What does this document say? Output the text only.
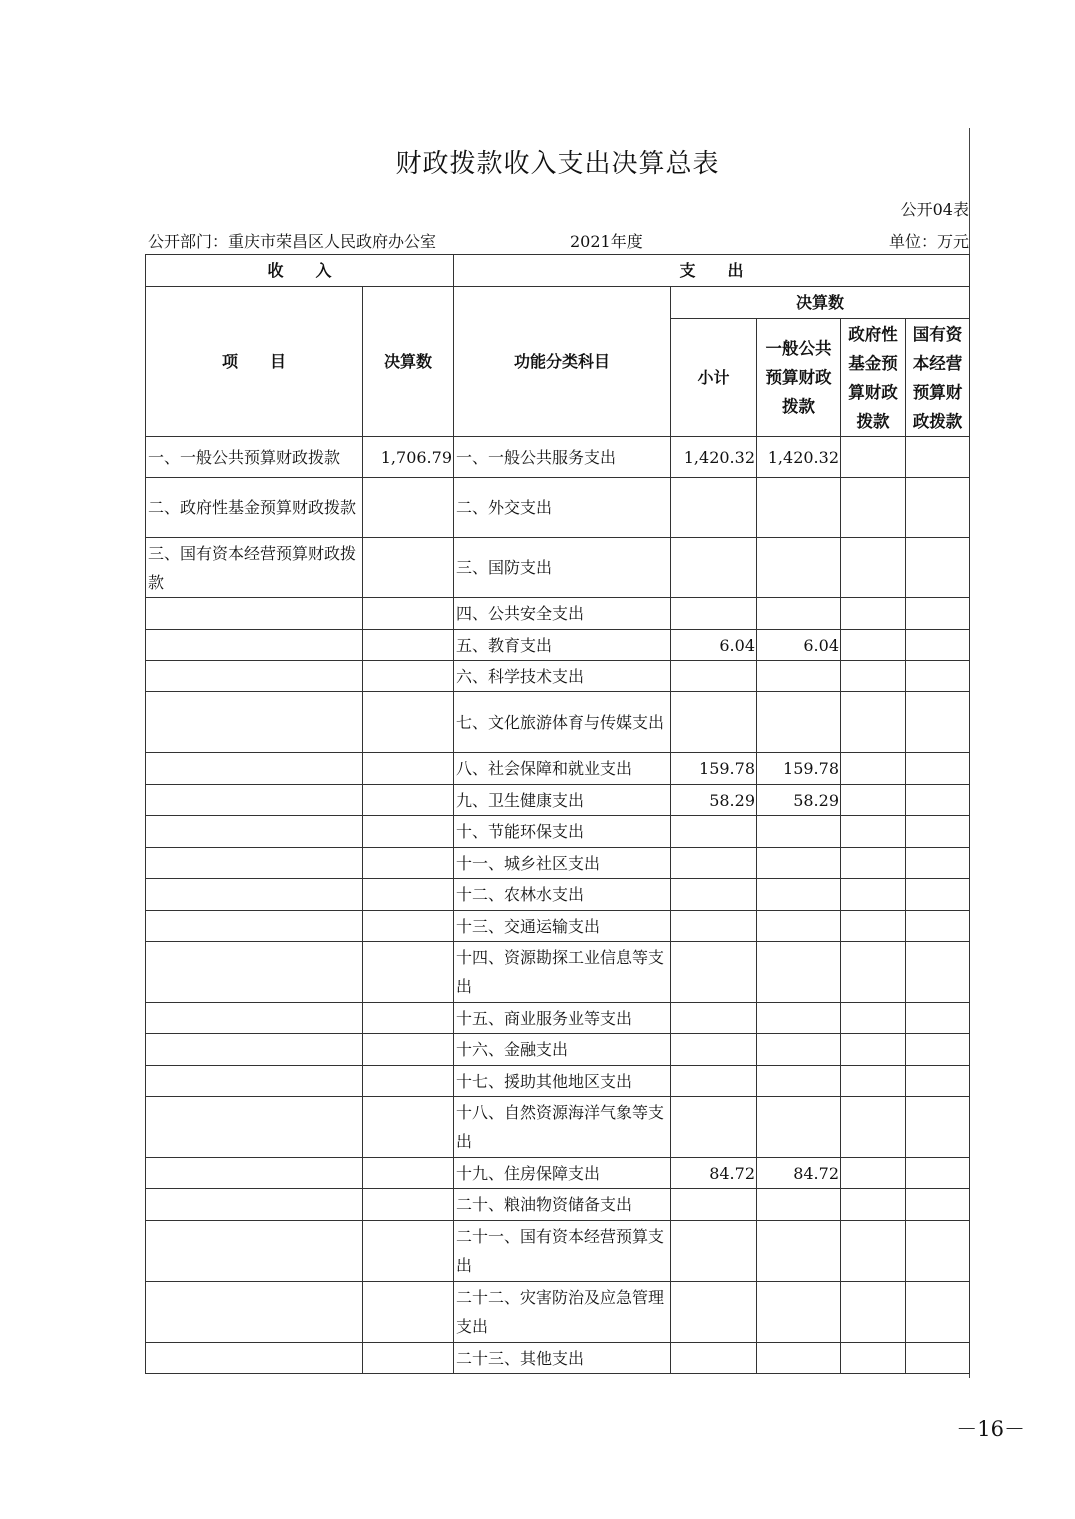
财政拨款收入支出决算总表
公开04表
公开部门：重庆市荣昌区人民政府办公室	2021年度	单位：万元
收　　入		支　　出				
项　　目	决算数	功能分类科目	决算数			
			小计	一般公共预算财政拨款	政府性基金预算财政拨款	国有资本经营预算财政拨款
一、一般公共预算财政拨款	1,706.79	一、一般公共服务支出	1,420.32	1,420.32		
二、政府性基金预算财政拨款		二、外交支出				
三、国有资本经营预算财政拨款		三、国防支出				
		四、公共安全支出				
		五、教育支出	6.04	6.04		
		六、科学技术支出				
		七、文化旅游体育与传媒支出				
		八、社会保障和就业支出	159.78	159.78		
		九、卫生健康支出	58.29	58.29		
		十、节能环保支出				
		十一、城乡社区支出				
		十二、农林水支出				
		十三、交通运输支出				
		十四、资源勘探工业信息等支出				
		十五、商业服务业等支出				
		十六、金融支出				
		十七、援助其他地区支出				
		十八、自然资源海洋气象等支出				
		十九、住房保障支出	84.72	84.72		
		二十、粮油物资储备支出				
		二十一、国有资本经营预算支出				
		二十二、灾害防治及应急管理支出				
		二十三、其他支出				
－16－
